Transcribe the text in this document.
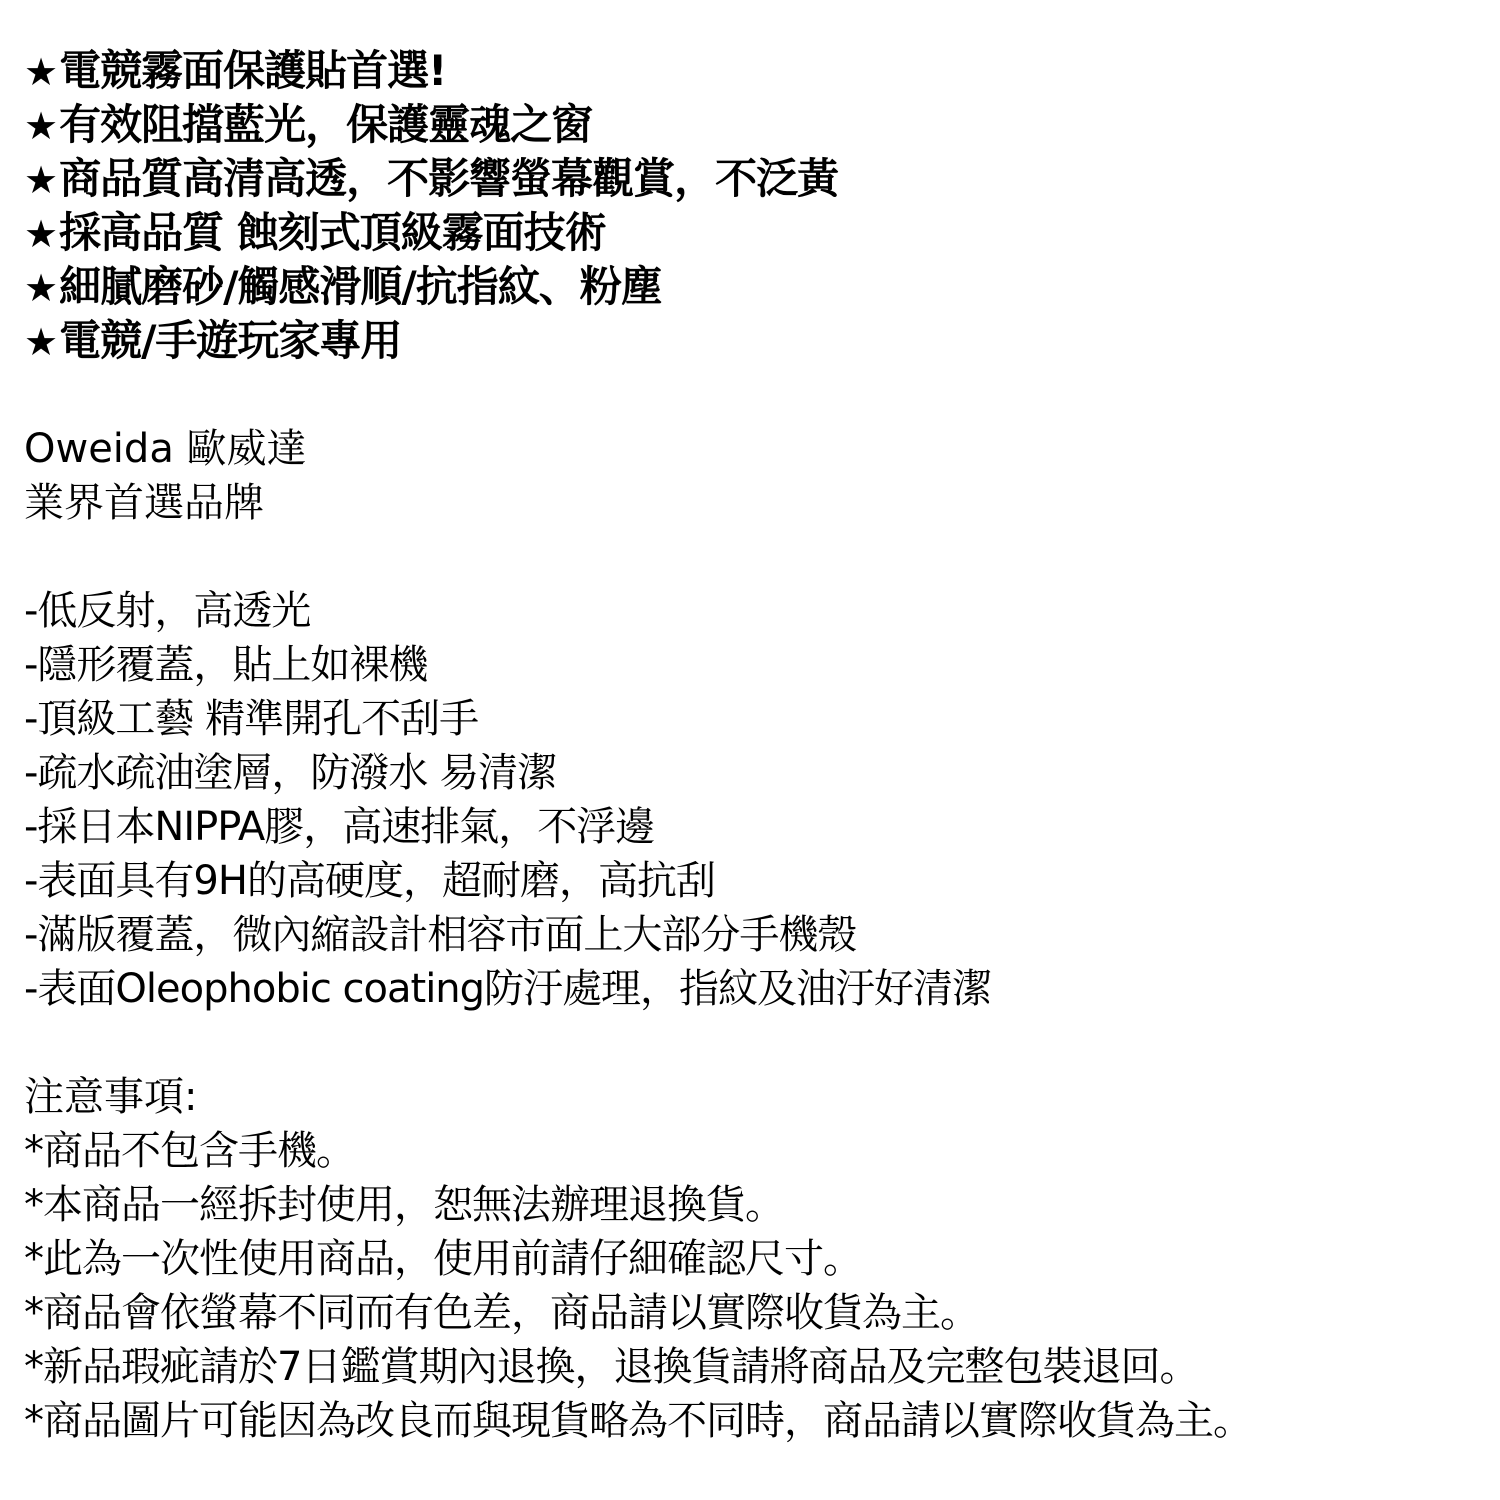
★電競霧面保護貼首選!
★有效阻擋藍光，保護靈魂之窗
★商品質高清高透，不影響螢幕觀賞，不泛黃
★採高品質 蝕刻式頂級霧面技術
★細膩磨砂/觸感滑順/抗指紋、粉塵
★電競/手遊玩家專用
Oweida 歐威達
業界首選品牌
-低反射，高透光
-隱形覆蓋，貼上如裸機
-頂級工藝 精準開孔不刮手
-疏水疏油塗層，防潑水 易清潔
-採日本NIPPA膠，高速排氣，不浮邊
-表面具有9H的高硬度，超耐磨，高抗刮
-滿版覆蓋，微內縮設計相容市面上大部分手機殼
-表面Oleophobic coating防汙處理，指紋及油汙好清潔
注意事項:
*商品不包含手機。
*本商品一經拆封使用，恕無法辦理退換貨。
*此為一次性使用商品，使用前請仔細確認尺寸。
*商品會依螢幕不同而有色差，商品請以實際收貨為主。
*新品瑕疵請於7日鑑賞期內退換，退換貨請將商品及完整包裝退回。
*商品圖片可能因為改良而與現貨略為不同時，商品請以實際收貨為主。
